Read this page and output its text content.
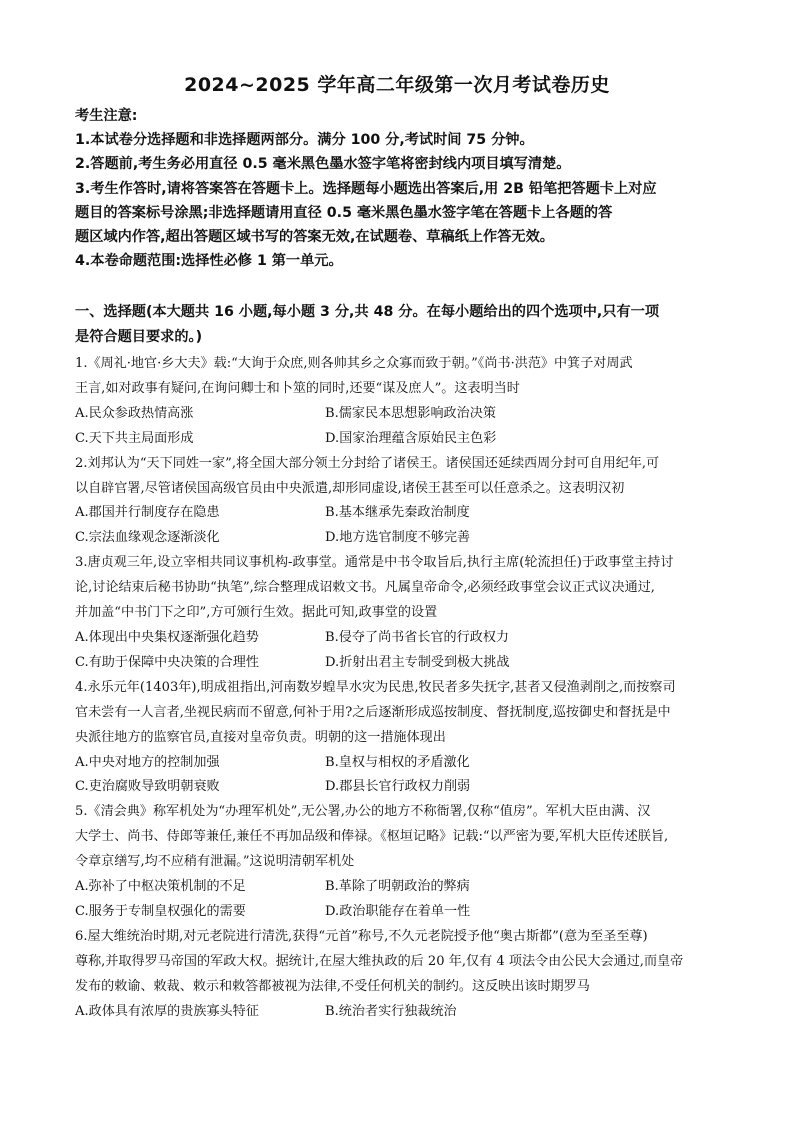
2024~2025 学年高二年级第一次月考试卷历史
考生注意:
1.本试卷分选择题和非选择题两部分。满分 100 分,考试时间 75 分钟。
2.答题前,考生务必用直径 0.5 毫米黑色墨水签字笔将密封线内项目填写清楚。
3.考生作答时,请将答案答在答题卡上。选择题每小题选出答案后,用 2B 铅笔把答题卡上对应
题目的答案标号涂黑;非选择题请用直径 0.5 毫米黑色墨水签字笔在答题卡上各题的答
题区域内作答,超出答题区域书写的答案无效,在试题卷、草稿纸上作答无效。
4.本卷命题范围:选择性必修 1 第一单元。
一、选择题(本大题共 16 小题,每小题 3 分,共 48 分。在每小题给出的四个选项中,只有一项
是符合题目要求的。)
1.《周礼·地官·乡大夫》载:“大询于众庶,则各帅其乡之众寡而致于朝。”《尚书·洪范》中箕子对周武
王言,如对政事有疑问,在询问卿士和卜筮的同时,还要“谋及庶人”。这表明当时
A.民众参政热情高涨	B.儒家民本思想影响政治决策
C.天下共主局面形成	D.国家治理蕴含原始民主色彩
2.刘邦认为“天下同姓一家”,将全国大部分领土分封给了诸侯王。诸侯国还延续西周分封可自用纪年,可
以自辟官署,尽管诸侯国高级官员由中央派遣,却形同虚设,诸侯王甚至可以任意杀之。这表明汉初
A.郡国并行制度存在隐患	B.基本继承先秦政治制度
C.宗法血缘观念逐渐淡化	D.地方选官制度不够完善
3.唐贞观三年,设立宰相共同议事机构-政事堂。通常是中书令取旨后,执行主席(轮流担任)于政事堂主持讨
论,讨论结束后秘书协助“执笔”,综合整理成诏敕文书。凡属皇帝命令,必须经政事堂会议正式议决通过,
并加盖“中书门下之印”,方可颁行生效。据此可知,政事堂的设置
A.体现出中央集权逐渐强化趋势	B.侵夺了尚书省长官的行政权力
C.有助于保障中央决策的合理性	D.折射出君主专制受到极大挑战
4.永乐元年(1403年),明成祖指出,河南数岁蝗旱水灾为民患,牧民者多失抚字,甚者又侵渔剥削之,而按察司
官未尝有一人言者,坐视民病而不留意,何补于用?之后逐渐形成巡按制度、督抚制度,巡按御史和督抚是中
央派往地方的监察官员,直接对皇帝负责。明朝的这一措施体现出
A.中央对地方的控制加强	B.皇权与相权的矛盾激化
C.吏治腐败导致明朝衰败	D.郡县长官行政权力削弱
5.《清会典》称军机处为“办理军机处”,无公署,办公的地方不称衙署,仅称“值房”。军机大臣由满、汉
大学士、尚书、侍郎等兼任,兼任不再加品级和俸禄。《枢垣记略》记载:“以严密为要,军机大臣传述朕旨,
令章京缮写,均不应稍有泄漏。”这说明清朝军机处
A.弥补了中枢决策机制的不足	B.革除了明朝政治的弊病
C.服务于专制皇权强化的需要	D.政治职能存在着单一性
6.屋大维统治时期,对元老院进行清洗,获得“元首”称号,不久元老院授予他“奥古斯都”(意为至圣至尊)
尊称,并取得罗马帝国的军政大权。据统计,在屋大维执政的后 20 年,仅有 4 项法令由公民大会通过,而皇帝
发布的敕谕、敕裁、敕示和敕答都被视为法律,不受任何机关的制约。这反映出该时期罗马
A.政体具有浓厚的贵族寡头特征	B.统治者实行独裁统治
